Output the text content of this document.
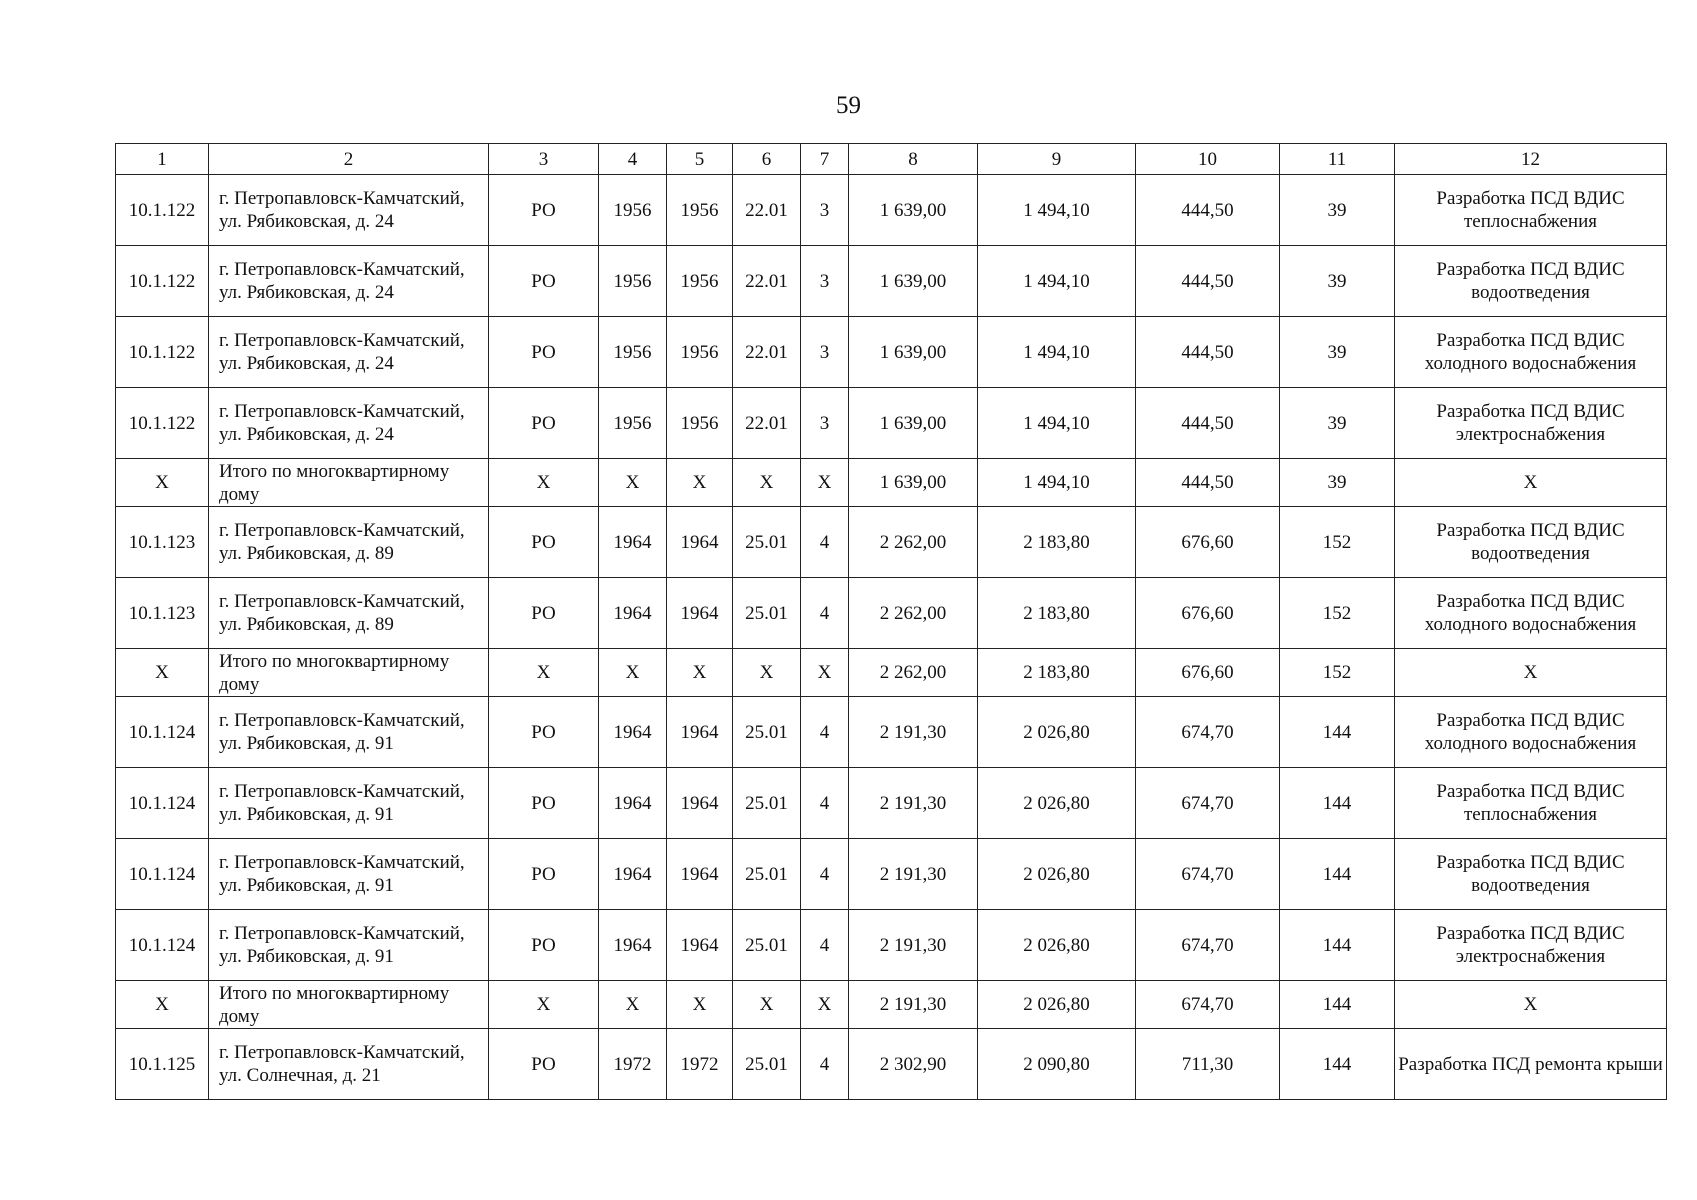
59
1	2	3	4	5	6	7	8	9	10	11	12
10.1.122	г. Петропавловск-Камчатский, ул. Рябиковская, д. 24	РО	1956	1956	22.01	3	1 639,00	1 494,10	444,50	39	Разработка ПСД ВДИС теплоснабжения
10.1.122	г. Петропавловск-Камчатский, ул. Рябиковская, д. 24	РО	1956	1956	22.01	3	1 639,00	1 494,10	444,50	39	Разработка ПСД ВДИС водоотведения
10.1.122	г. Петропавловск-Камчатский, ул. Рябиковская, д. 24	РО	1956	1956	22.01	3	1 639,00	1 494,10	444,50	39	Разработка ПСД ВДИС холодного водоснабжения
10.1.122	г. Петропавловск-Камчатский, ул. Рябиковская, д. 24	РО	1956	1956	22.01	3	1 639,00	1 494,10	444,50	39	Разработка ПСД ВДИС электроснабжения
Х	Итого по многоквартирному дому	Х	Х	Х	Х	Х	1 639,00	1 494,10	444,50	39	Х
10.1.123	г. Петропавловск-Камчатский, ул. Рябиковская, д. 89	РО	1964	1964	25.01	4	2 262,00	2 183,80	676,60	152	Разработка ПСД ВДИС водоотведения
10.1.123	г. Петропавловск-Камчатский, ул. Рябиковская, д. 89	РО	1964	1964	25.01	4	2 262,00	2 183,80	676,60	152	Разработка ПСД ВДИС холодного водоснабжения
Х	Итого по многоквартирному дому	Х	Х	Х	Х	Х	2 262,00	2 183,80	676,60	152	Х
10.1.124	г. Петропавловск-Камчатский, ул. Рябиковская, д. 91	РО	1964	1964	25.01	4	2 191,30	2 026,80	674,70	144	Разработка ПСД ВДИС холодного водоснабжения
10.1.124	г. Петропавловск-Камчатский, ул. Рябиковская, д. 91	РО	1964	1964	25.01	4	2 191,30	2 026,80	674,70	144	Разработка ПСД ВДИС теплоснабжения
10.1.124	г. Петропавловск-Камчатский, ул. Рябиковская, д. 91	РО	1964	1964	25.01	4	2 191,30	2 026,80	674,70	144	Разработка ПСД ВДИС водоотведения
10.1.124	г. Петропавловск-Камчатский, ул. Рябиковская, д. 91	РО	1964	1964	25.01	4	2 191,30	2 026,80	674,70	144	Разработка ПСД ВДИС электроснабжения
Х	Итого по многоквартирному дому	Х	Х	Х	Х	Х	2 191,30	2 026,80	674,70	144	Х
10.1.125	г. Петропавловск-Камчатский, ул. Солнечная, д. 21	РО	1972	1972	25.01	4	2 302,90	2 090,80	711,30	144	Разработка ПСД ремонта крыши
